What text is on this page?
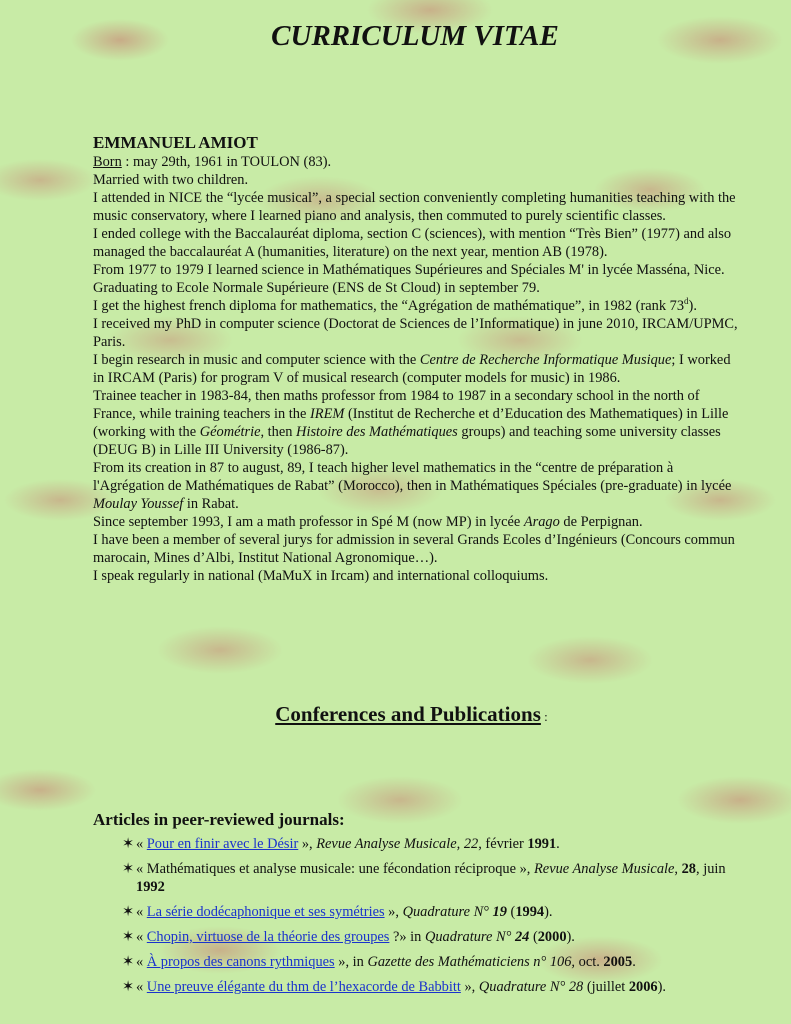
CURRICULUM VITAE
EMMANUEL AMIOT

Born : may 29th, 1961 in TOULON (83).

Married with two children.

I attended in NICE the “lycée musical”, a special section conveniently completing humanities teaching with the music conservatory, where I learned piano and analysis, then commuted to purely scientific classes.

I ended college with the Baccalauréat diploma, section C (sciences), with mention “Très Bien” (1977) and also managed the baccalauréat A (humanities, literature) on the next year, mention AB (1978).

From 1977 to 1979 I learned science in Mathématiques Supérieures and Spéciales M' in lycée Masséna, Nice.

Graduating to Ecole Normale Supérieure (ENS de St Cloud) in september 79.

I get the highest french diploma for mathematics, the “Agrégation de mathématique”, in 1982 (rank 73$^d$).

I received my PhD in computer science (Doctorat de Sciences de l’Informatique) in june 2010, IRCAM/UPMC, Paris.

I begin research in music and computer science with the Centre de Recherche Informatique Musique; I worked in IRCAM (Paris) for program V of musical research (computer models for music) in 1986.

Trainee teacher in 1983-84, then maths professor from 1984 to 1987 in a secondary school in the north of France, while training teachers in the IREM (Institut de Recherche et d’Education des Mathematiques) in Lille (working with the Géométrie, then Histoire des Mathématiques groups) and teaching some university classes (DEUG B) in Lille III University (1986-87).

From its creation in 87 to august, 89, I teach higher level mathematics in the “centre de préparation à l'Agrégation de Mathématiques de Rabat” (Morocco), then in Mathématiques Spéciales (pre-graduate) in lycée Moulay Youssef in Rabat.

Since september 1993, I am a math professor in Spé M (now MP) in lycée Arago de Perpignan.

I have been a member of several jurys for admission in several Grands Ecoles d’Ingénieurs (Concours commun marocain, Mines d’Albi, Institut National Agronomique…).

I speak regularly in national (MaMuX in Ircam) and international colloquiums.

Conferences and Publications :
Articles in peer-reviewed journals:
✶ « Pour en finir avec le Désir », Revue Analyse Musicale, 22, février 1991.
✶ « Mathématiques et analyse musicale: une fécondation réciproque », Revue Analyse Musicale, 28, juin 1992
✶ « La série dodécaphonique et ses symétries », Quadrature N° 19 (1994).
✶ « Chopin, virtuose de la théorie des groupes ?» in Quadrature N° 24 (2000).
✶ « À propos des canons rythmiques », in Gazette des Mathématiciens n° 106, oct. 2005.
✶ « Une preuve élégante du thm de l’hexacorde de Babbitt », Quadrature N° 28 (juillet 2006).
